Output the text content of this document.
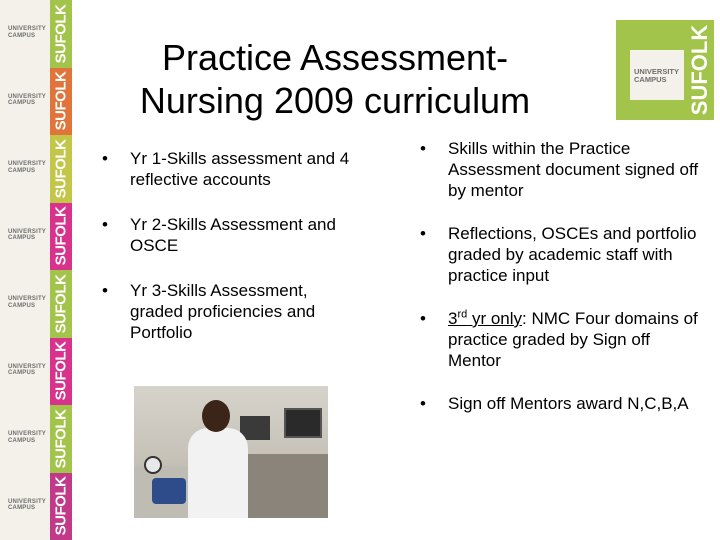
UNIVERSITY
CAMPUS	SUFOLK
UNIVERSITY
CAMPUS	SUFOLK
UNIVERSITY
CAMPUS	SUFOLK
UNIVERSITY
CAMPUS	SUFOLK
UNIVERSITY
CAMPUS	SUFOLK
UNIVERSITY
CAMPUS	SUFOLK
UNIVERSITY
CAMPUS	SUFOLK
UNIVERSITY
CAMPUS	SUFOLK
Practice Assessment-
Nursing 2009 curriculum
UNIVERSITY
CAMPUS SUFOLK
• Yr 1-Skills assessment and 4 reflective accounts
• Yr 2-Skills Assessment and OSCE
• Yr 3-Skills Assessment, graded proficiencies and Portfolio
• Skills within the Practice Assessment document signed off by mentor
• Reflections, OSCEs and portfolio graded by academic staff with practice input
• 3rd yr only: NMC Four domains of practice graded by Sign off Mentor
• Sign off Mentors award N,C,B,A
